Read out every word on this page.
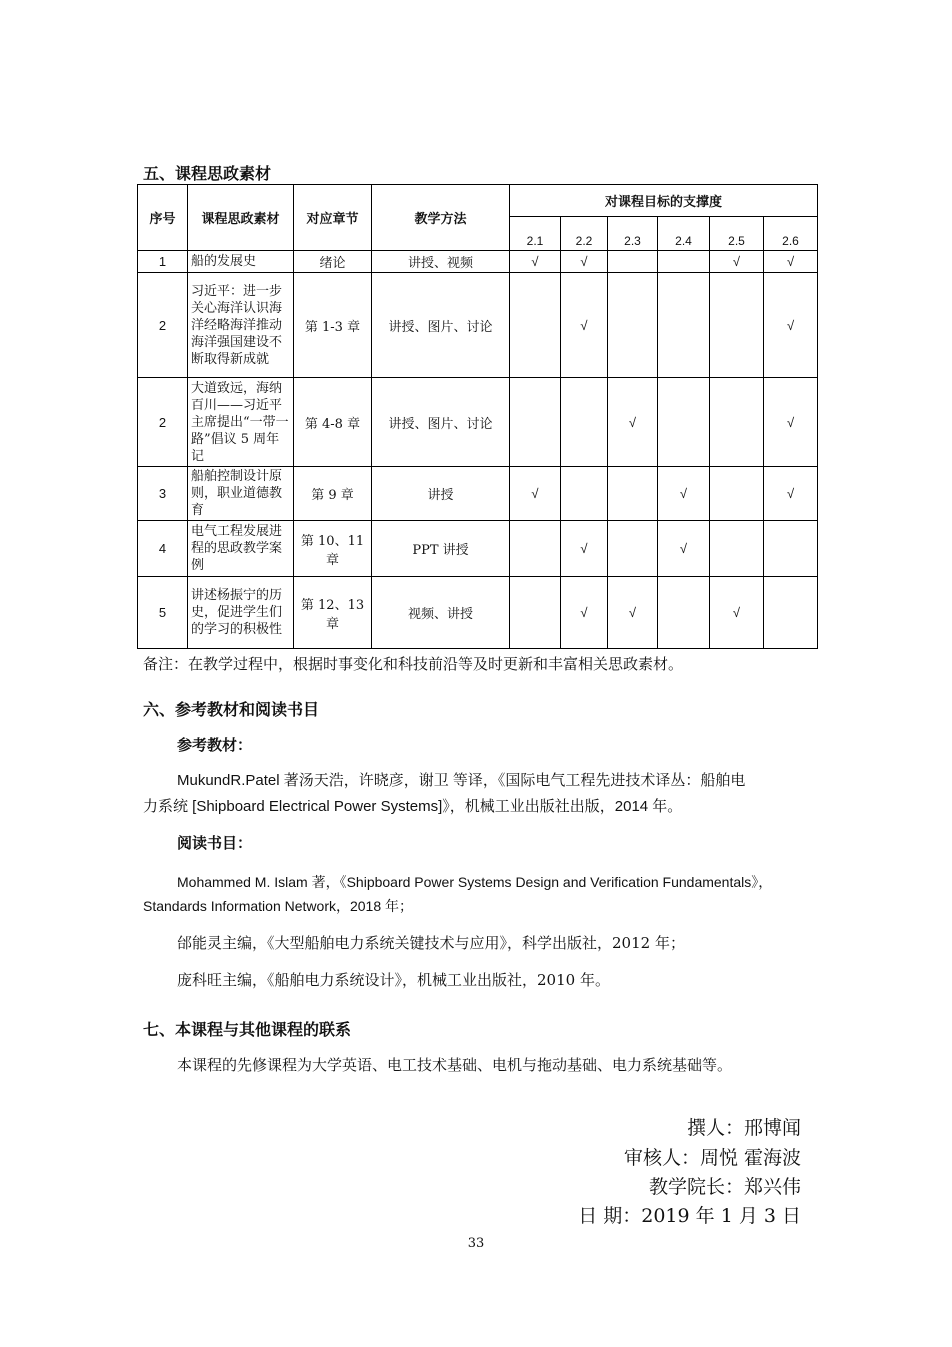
五、课程思政素材
序号	课程思政素材	对应章节	教学方法	对课程目标的支撑度					
				2.1	2.2	2.3	2.4	2.5	2.6
1	船的发展史	绪论	讲授、视频	√	√			√	√
2	习近平：进一步关心海洋认识海洋经略海洋推动海洋强国建设不断取得新成就	第 1-3 章	讲授、图片、讨论		√				√
2	大道致远，海纳百川——习近平主席提出“一带一路”倡议 5 周年记	第 4-8 章	讲授、图片、讨论			√			√
3	船舶控制设计原则，职业道德教育	第 9 章	讲授	√			√		√
4	电气工程发展进程的思政教学案例	第 10、11 章	PPT 讲授		√		√		
5	讲述杨振宁的历史，促进学生们的学习的积极性	第 12、13 章	视频、讲授		√	√		√	
备注：在教学过程中，根据时事变化和科技前沿等及时更新和丰富相关思政素材。
六、参考教材和阅读书目
参考教材：
MukundR.Patel 著汤天浩，许晓彦，谢卫 等译，《国际电气工程先进技术译丛：船舶电
力系统 [Shipboard Electrical Power Systems]》，机械工业出版社出版，2014 年。
阅读书目：
Mohammed M. Islam 著，《Shipboard Power Systems Design and Verification Fundamentals》，
Standards Information Network，2018 年；
邰能灵主编，《大型船舶电力系统关键技术与应用》，科学出版社，2012 年；
庞科旺主编，《船舶电力系统设计》，机械工业出版社，2010 年。
七、本课程与其他课程的联系
本课程的先修课程为大学英语、电工技术基础、电机与拖动基础、电力系统基础等。
撰人：邢博闻
审核人：周悦 霍海波
教学院长：郑兴伟
日 期：2019 年 1 月 3 日
33
